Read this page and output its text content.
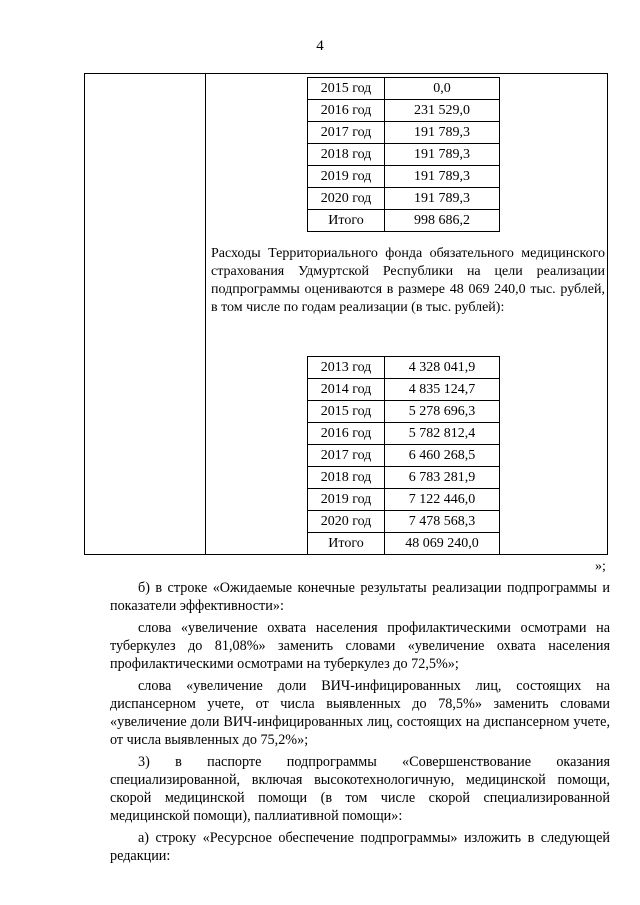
4
2015 год	0,0
2016 год	231 529,0
2017 год	191 789,3
2018 год	191 789,3
2019 год	191 789,3
2020 год	191 789,3
Итого	998 686,2

Расходы Территориального фонда обязательного медицинского страхования Удмуртской Республики на цели реализации подпрограммы оцениваются в размере 48 069 240,0 тыс. рублей, в том числе по годам реализации (в тыс. рублей):

2013 год	4 328 041,9
2014 год	4 835 124,7
2015 год	5 278 696,3
2016 год	5 782 812,4
2017 год	6 460 268,5
2018 год	6 783 281,9
2019 год	7 122 446,0
2020 год	7 478 568,3
Итого	48 069 240,0
»;

б) в строке «Ожидаемые конечные результаты реализации подпрограммы и показатели эффективности»:

слова «увеличение охвата населения профилактическими осмотрами на туберкулез до 81,08%» заменить словами «увеличение охвата населения профилактическими осмотрами на туберкулез до 72,5%»;

слова «увеличение доли ВИЧ-инфицированных лиц, состоящих на диспансерном учете, от числа выявленных до 78,5%» заменить словами «увеличение доли ВИЧ-инфицированных лиц, состоящих на диспансерном учете, от числа выявленных до 75,2%»;

3) в паспорте подпрограммы «Совершенствование оказания специализированной, включая высокотехнологичную, медицинской помощи, скорой медицинской помощи (в том числе скорой специализированной медицинской помощи), паллиативной помощи»:

а) строку «Ресурсное обеспечение подпрограммы» изложить в следующей редакции:
